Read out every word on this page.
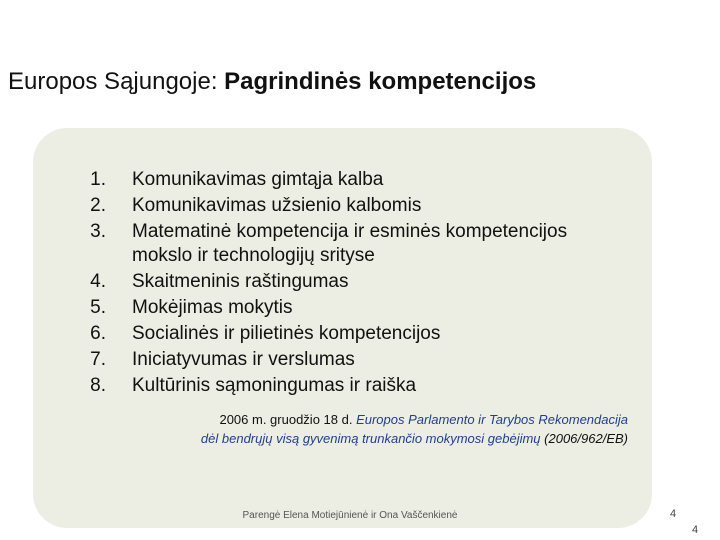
Europos Sąjungoje: Pagrindinės kompetencijos
1.	Komunikavimas gimtąja kalba
2.	Komunikavimas užsienio kalbomis
3.	Matematinė kompetencija ir esminės kompetencijos mokslo ir technologijų srityse
4.	Skaitmeninis raštingumas
5.	Mokėjimas mokytis
6.	Socialinės ir pilietinės kompetencijos
7.	Iniciatyvumas ir verslumas
8.	Kultūrinis sąmoningumas ir raiška
2006 m. gruodžio 18 d. Europos Parlamento ir Tarybos Rekomendacija
dėl bendrųjų visą gyvenimą trunkančio mokymosi gebėjimų (2006/962/EB)
Parengė Elena Motiejūnienė ir Ona Vaščenkienė	4
4
